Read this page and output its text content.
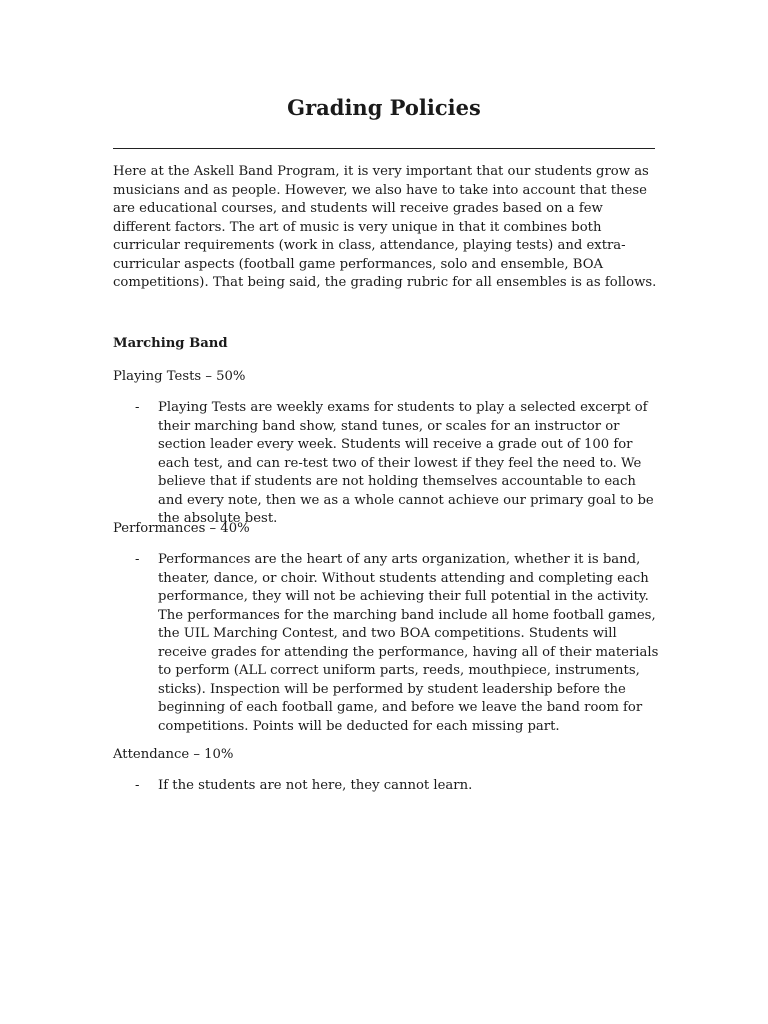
Grading Policies

Here at the Askell Band Program, it is very important that our students grow as musicians and as people. However, we also have to take into account that these are educational courses, and students will receive grades based on a few different factors. The art of music is very unique in that it combines both curricular requirements (work in class, attendance, playing tests) and extra-curricular aspects (football game performances, solo and ensemble, BOA competitions). That being said, the grading rubric for all ensembles is as follows.

Marching Band

Playing Tests – 50%

- Playing Tests are weekly exams for students to play a selected excerpt of their marching band show, stand tunes, or scales for an instructor or section leader every week. Students will receive a grade out of 100 for each test, and can re-test two of their lowest if they feel the need to. We believe that if students are not holding themselves accountable to each and every note, then we as a whole cannot achieve our primary goal to be the absolute best.

Performances – 40%

- Performances are the heart of any arts organization, whether it is band, theater, dance, or choir. Without students attending and completing each performance, they will not be achieving their full potential in the activity. The performances for the marching band include all home football games, the UIL Marching Contest, and two BOA competitions. Students will receive grades for attending the performance, having all of their materials to perform (ALL correct uniform parts, reeds, mouthpiece, instruments, sticks). Inspection will be performed by student leadership before the beginning of each football game, and before we leave the band room for competitions. Points will be deducted for each missing part.

Attendance – 10%

- If the students are not here, they cannot learn.
